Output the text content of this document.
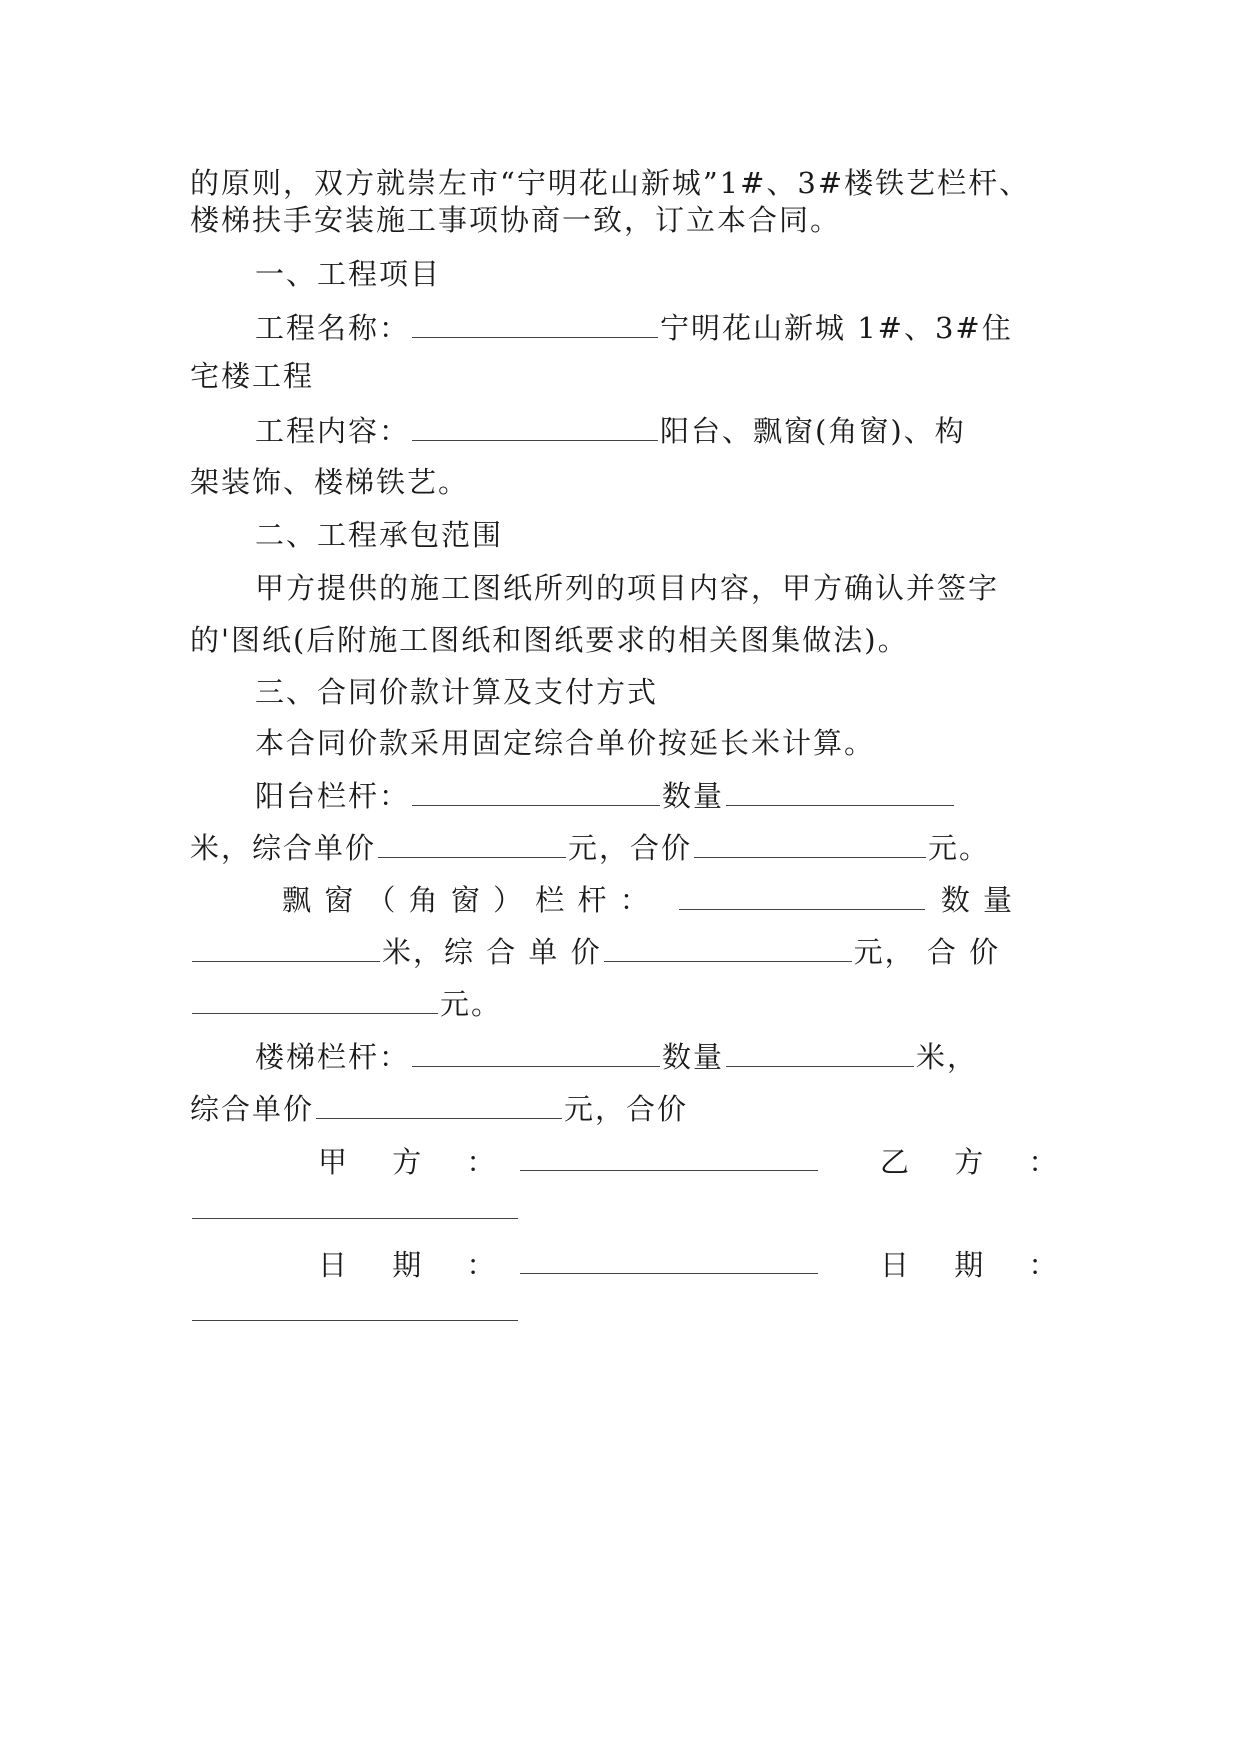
的原则，双方就崇左市“宁明花山新城”1#、3#楼铁艺栏杆、
楼梯扶手安装施工事项协商一致，订立本合同。
一、工程项目
工程名称：	宁明花山新城 1#、3#住
宅楼工程
工程内容：	阳台、飘窗(角窗)、构
架装饰、楼梯铁艺。
二、工程承包范围
甲方提供的施工图纸所列的项目内容，甲方确认并签字
的'图纸(后附施工图纸和图纸要求的相关图集做法)。
三、合同价款计算及支付方式
本合同价款采用固定综合单价按延长米计算。
阳台栏杆：	数量
米，综合单价	元，合价	元。
飘 窗 （ 角 窗 ） 栏 杆 ：	数 量
米，综 合 单 价	元， 合 价
元。
楼梯栏杆：	数量	米，
综合单价	元，合价
甲 方 ：	乙 方 ：
日 期 ：	日 期 ：
